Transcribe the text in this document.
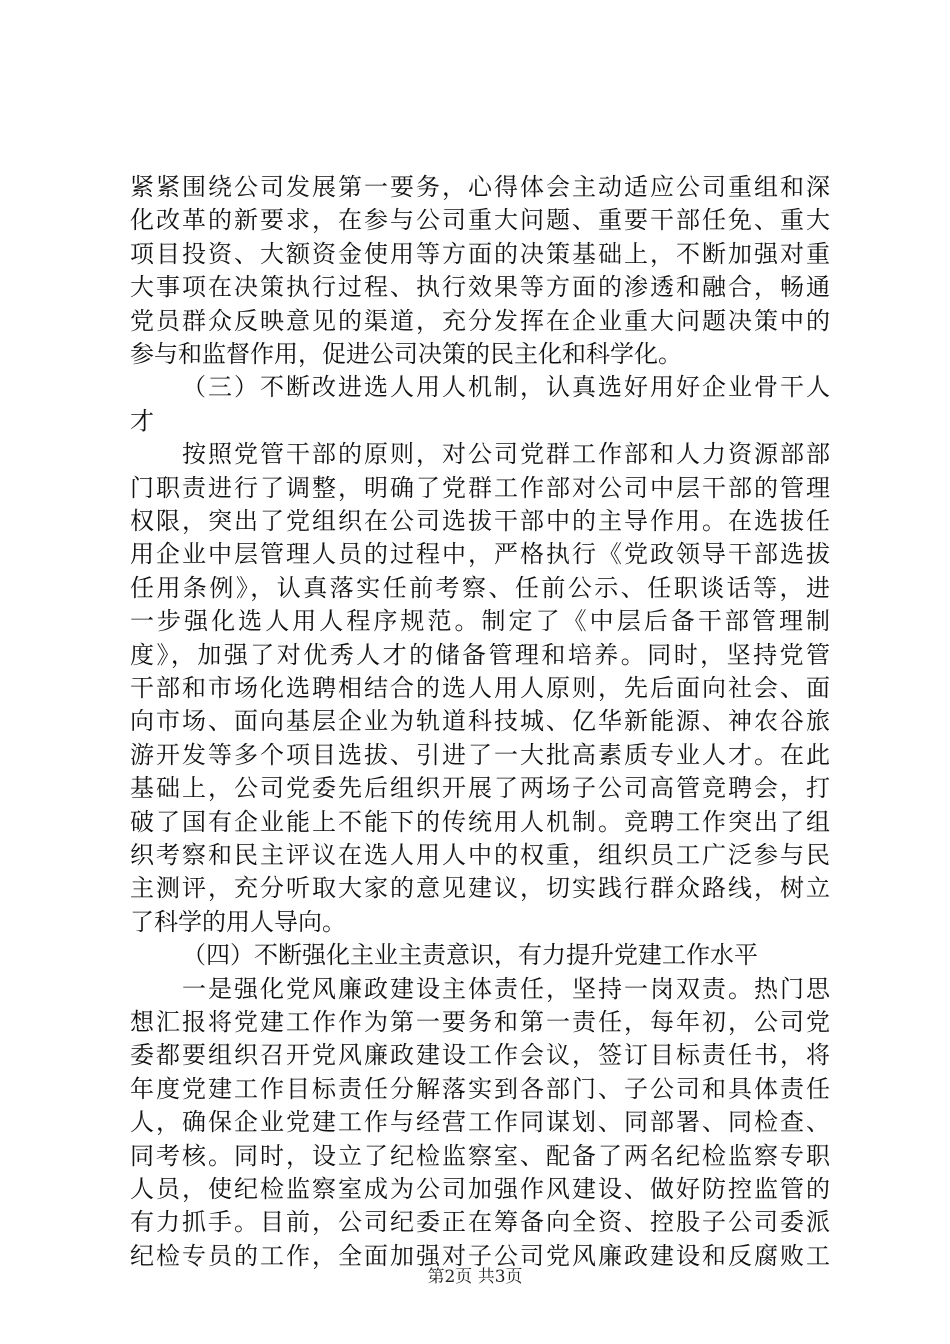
紧紧围绕公司发展第一要务，心得体会主动适应公司重组和深
化改革的新要求，在参与公司重大问题、重要干部任免、重大
项目投资、大额资金使用等方面的决策基础上，不断加强对重
大事项在决策执行过程、执行效果等方面的渗透和融合，畅通
党员群众反映意见的渠道，充分发挥在企业重大问题决策中的
参与和监督作用，促进公司决策的民主化和科学化。
（三）不断改进选人用人机制，认真选好用好企业骨干人
才
按照党管干部的原则，对公司党群工作部和人力资源部部
门职责进行了调整，明确了党群工作部对公司中层干部的管理
权限，突出了党组织在公司选拔干部中的主导作用。在选拔任
用企业中层管理人员的过程中，严格执行《党政领导干部选拔
任用条例》，认真落实任前考察、任前公示、任职谈话等，进
一步强化选人用人程序规范。制定了《中层后备干部管理制
度》，加强了对优秀人才的储备管理和培养。同时，坚持党管
干部和市场化选聘相结合的选人用人原则，先后面向社会、面
向市场、面向基层企业为轨道科技城、亿华新能源、神农谷旅
游开发等多个项目选拔、引进了一大批高素质专业人才。在此
基础上，公司党委先后组织开展了两场子公司高管竞聘会，打
破了国有企业能上不能下的传统用人机制。竞聘工作突出了组
织考察和民主评议在选人用人中的权重，组织员工广泛参与民
主测评，充分听取大家的意见建议，切实践行群众路线，树立
了科学的用人导向。
（四）不断强化主业主责意识，有力提升党建工作水平
一是强化党风廉政建设主体责任，坚持一岗双责。热门思
想汇报将党建工作作为第一要务和第一责任，每年初，公司党
委都要组织召开党风廉政建设工作会议，签订目标责任书，将
年度党建工作目标责任分解落实到各部门、子公司和具体责任
人，确保企业党建工作与经营工作同谋划、同部署、同检查、
同考核。同时，设立了纪检监察室、配备了两名纪检监察专职
人员，使纪检监察室成为公司加强作风建设、做好防控监管的
有力抓手。目前，公司纪委正在筹备向全资、控股子公司委派
纪检专员的工作，全面加强对子公司党风廉政建设和反腐败工
第2页 共3页
